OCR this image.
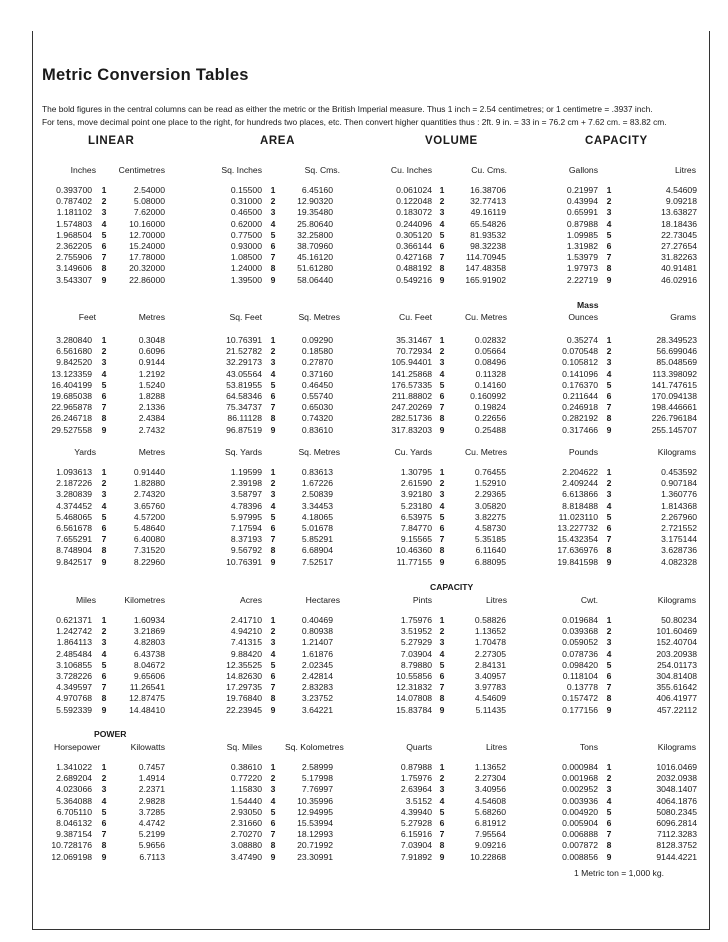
Metric Conversion Tables
The bold figures in the central columns can be read as either the metric or the British Imperial measure. Thus 1 inch = 2.54 centimetres; or 1 centimetre = .3937 inch.
For tens, move decimal point one place to the right, for hundreds two places, etc. Then convert higher quantities thus : 2ft. 9 in. = 33 in = 76.2 cm + 7.62 cm. = 83.82 cm.
LINEAR	AREA	VOLUME	CAPACITY
Inches	Centimetres
0.393700	1	2.54000
0.787402	2	5.08000
1.181102	3	7.62000
1.574803	4	10.16000
1.968504	5	12.70000
2.362205	6	15.24000
2.755906	7	17.78000
3.149606	8	20.32000
3.543307	9	22.86000
Sq. Inches	Sq. Cms.
0.15500	1	6.45160
0.31000	2	12.90320
0.46500	3	19.35480
0.62000	4	25.80640
0.77500	5	32.25800
0.93000	6	38.70960
1.08500	7	45.16120
1.24000	8	51.61280
1.39500	9	58.06440
Cu. Inches	Cu. Cms.
0.061024 1	16.38706
0.122048 2	32.77413
0.183072 3	49.16119
0.244096 4	65.54826
0.305120 5	81.93532
0.366144 6	98.32238
0.427168 7	114.70945
0.488192 8	147.48358
0.549216 9	165.91902
Gallons	Litres
0.21997	1	4.54609
0.43994	2	9.09218
0.65991	3	13.63827
0.87988	4	18.18436
1.09985	5	22.73045
1.31982	6	27.27654
1.53979	7	31.82263
1.97973	8	40.91481
2.22719	9	46.02916
Mass
Feet	Metres
3.280840	1	0.3048
6.561680	2	0.6096
9.842520	3	0.9144
13.123359	4	1.2192
16.404199	5	1.5240
19.685038	6	1.8288
22.965878	7	2.1336
26.246718	8	2.4384
29.527558	9	2.7432
Sq. Feet	Sq. Metres
10.76391	1	0.09290
21.52782	2	0.18580
32.29173	3	0.27870
43.05564	4	0.37160
53.81955	5	0.46450
64.58346	6	0.55740
75.34737	7	0.65030
86.11128	8	0.74320
96.87519	9	0.83610
Cu. Feet	Cu. Metres
35.31467 1	0.02832
70.72934 2	0.05664
105.94401 3	0.08496
141.25868 4	0.11328
176.57335 5	0.14160
211.88802 6	0.160992
247.20269 7	0.19824
282.51736 8	0.22656
317.83203 9	0.25488
Ounces	Grams
0.35274	1	28.349523
0.070548	2	56.699046
0.105812	3	85.048569
0.141096	4	113.398092
0.176370	5	141.747615
0.211644	6	170.094138
0.246918	7	198.446661
0.282192	8	226.796184
0.317466	9	255.145707
Yards	Metres
1.093613	1	0.91440
2.187226	2	1.82880
3.280839	3	2.74320
4.374452	4	3.65760
5.468065	5	4.57200
6.561678	6	5.48640
7.655291	7	6.40080
8.748904	8	7.31520
9.842517	9	8.22960
Sq. Yards	Sq. Metres
1.19599	1	0.83613
2.39198	2	1.67226
3.58797	3	2.50839
4.78396	4	3.34453
5.97995	5	4.18065
7.17594	6	5.01678
8.37193	7	5.85291
9.56792	8	6.68904
10.76391	9	7.52517
Cu. Yards	Cu. Metres
1.30795 1	0.76455
2.61590 2	1.52910
3.92180 3	2.29365
5.23180 4	3.05820
6.53975 5	3.82275
7.84770 6	4.58730
9.15565 7	5.35185
10.46360 8	6.11640
11.77155 9	6.88095
Pounds	Kilograms
2.204622	1	0.453592
2.409244	2	0.907184
6.613866	3	1.360776
8.818488	4	1.814368
11.023110	5	2.267960
13.227732	6	2.721552
15.432354	7	3.175144
17.636976	8	3.628736
19.841598	9	4.082328
CAPACITY
Miles	Kilometres
0.621371	1	1.60934
1.242742	2	3.21869
1.864113	3	4.82803
2.485484	4	6.43738
3.106855	5	8.04672
3.728226	6	9.65606
4.349597	7	11.26541
4.970768	8	12.87475
5.592339	9	14.48410
Acres	Hectares
2.41710	1	0.40469
4.94210	2	0.80938
7.41315	3	1.21407
9.88420	4	1.61876
12.35525	5	2.02345
14.82630	6	2.42814
17.29735	7	2.83283
19.76840	8	3.23752
22.23945	9	3.64221
Pints	Litres
1.75976 1	0.58826
3.51952 2	1.13652
5.27929 3	1.70478
7.03904 4	2.27305
8.79880 5	2.84131
10.55856 6	3.40957
12.31832 7	3.97783
14.07808 8	4.54609
15.83784 9	5.11435
Cwt.	Kilograms
0.019684	1	50.80234
0.039368	2	101.60469
0.059052	3	152.40704
0.078736	4	203.20938
0.098420	5	254.01173
0.118104	6	304.81408
0.13778	7	355.61642
0.157472	8	406.41977
0.177156	9	457.22112
POWER
Horsepower	Kilowatts
1.341022	1	0.7457
2.689204	2	1.4914
4.023066	3	2.2371
5.364088	4	2.9828
6.705110	5	3.7285
8.046132	6	4.4742
9.387154	7	5.2199
10.728176	8	5.9656
12.069198	9	6.7113
Sq. Miles	Sq. Kolometres
0.38610	1	2.58999
0.77220	2	5.17998
1.15830	3	7.76997
1.54440	4	10.35996
2.93050	5	12.94995
2.31660	6	15.53994
2.70270	7	18.12993
3.08880	8	20.71992
3.47490	9	23.30991
Quarts	Litres
0.87988 1	1.13652
1.75976 2	2.27304
2.63964 3	3.40956
3.5152 4	4.54608
4.39940 5	5.68260
5.27928 6	6.81912
6.15916 7	7.95564
7.03904 8	9.09216
7.91892 9	10.22868
Tons	Kilograms
0.000984	1	1016.0469
0.001968	2	2032.0938
0.002952	3	3048.1407
0.003936	4	4064.1876
0.004920	5	5080.2345
0.005904	6	6096.2814
0.006888	7	7112.3283
0.007872	8	8128.3752
0.008856	9	9144.4221
1 Metric ton = 1,000 kg.
